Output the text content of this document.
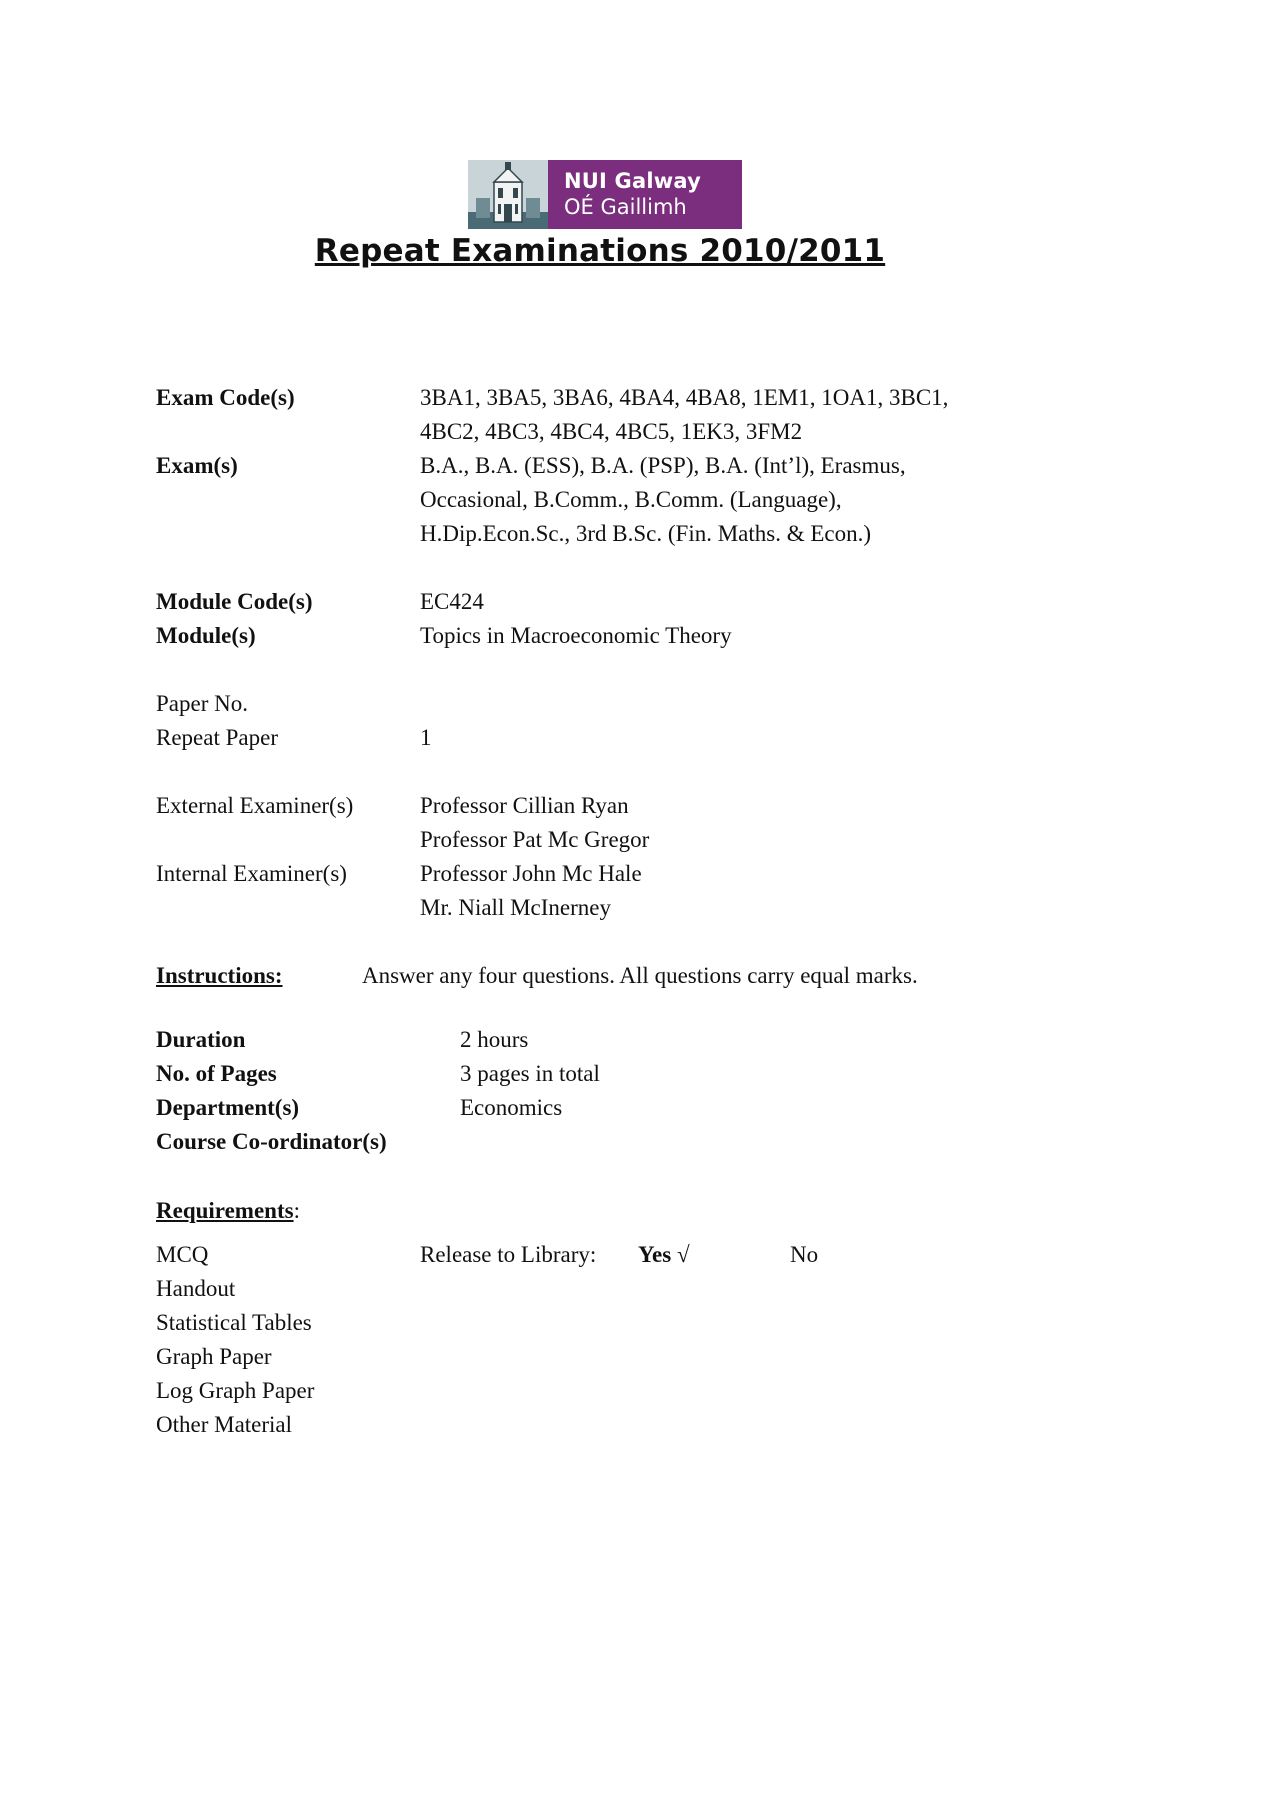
NUI Galway
OÉ Gaillimh
Repeat Examinations 2010/2011
Exam Code(s)	3BA1, 3BA5, 3BA6, 4BA4, 4BA8, 1EM1, 1OA1, 3BC1,
4BC2, 4BC3, 4BC4, 4BC5, 1EK3, 3FM2
Exam(s)	B.A., B.A. (ESS), B.A. (PSP), B.A. (Int’l), Erasmus,
Occasional, B.Comm., B.Comm. (Language),
H.Dip.Econ.Sc., 3rd B.Sc. (Fin. Maths. & Econ.)
Module Code(s)	EC424
Module(s)	Topics in Macroeconomic Theory
Paper No.
Repeat Paper	1
External Examiner(s)	Professor Cillian Ryan
Professor Pat Mc Gregor
Internal Examiner(s)	Professor John Mc Hale
Mr. Niall McInerney
Instructions:	Answer any four questions. All questions carry equal marks.
Duration	2 hours
No. of Pages	3 pages in total
Department(s)	Economics
Course Co-ordinator(s)
Requirements:
MCQ	Release to Library: Yes √	No
Handout
Statistical Tables
Graph Paper
Log Graph Paper
Other Material
